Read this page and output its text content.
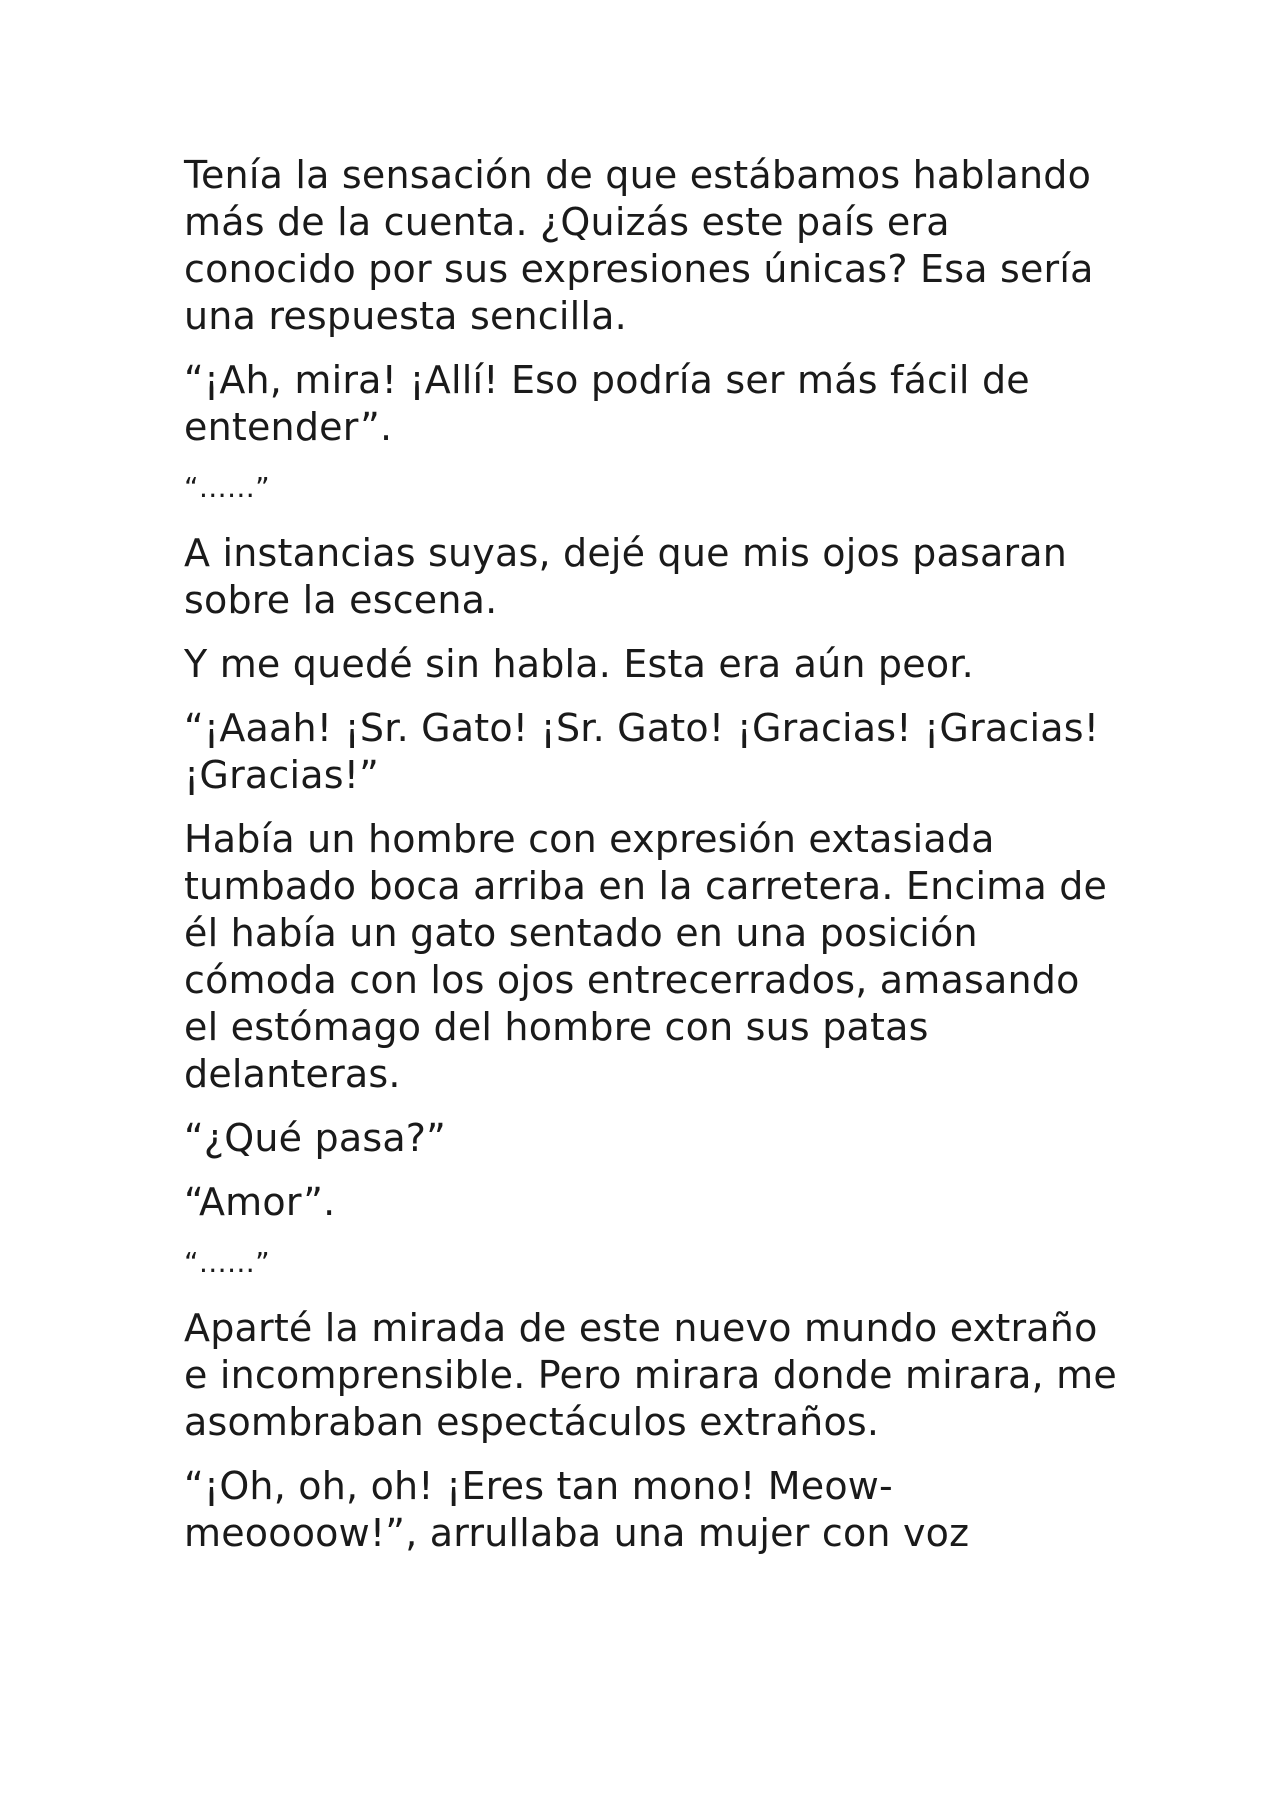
Tenía la sensación de que estábamos hablando más de la cuenta. ¿Quizás este país era conocido por sus expresiones únicas? Esa sería una respuesta sencilla.

“¡Ah, mira! ¡Allí! Eso podría ser más fácil de entender”.

“……”

A instancias suyas, dejé que mis ojos pasaran sobre la escena.

Y me quedé sin habla. Esta era aún peor.

“¡Aaah! ¡Sr. Gato! ¡Sr. Gato! ¡Gracias! ¡Gracias! ¡Gracias!”

Había un hombre con expresión extasiada tumbado boca arriba en la carretera. Encima de él había un gato sentado en una posición cómoda con los ojos entrecerrados, amasando el estómago del hombre con sus patas delanteras.

“¿Qué pasa?”

“Amor”.

“……”

Aparté la mirada de este nuevo mundo extraño e incomprensible. Pero mirara donde mirara, me asombraban espectáculos extraños.

“¡Oh, oh, oh! ¡Eres tan mono! Meow-meoooow!”, arrullaba una mujer con voz
